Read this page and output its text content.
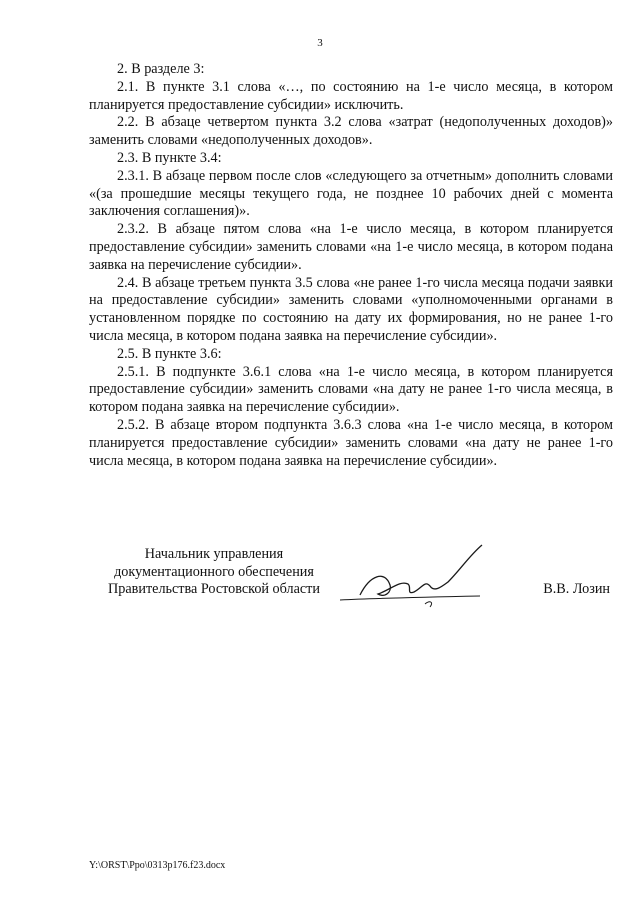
3

2. В разделе 3:

2.1. В пункте 3.1 слова «…, по состоянию на 1-е число месяца, в котором планируется предоставление субсидии» исключить.

2.2. В абзаце четвертом пункта 3.2 слова «затрат (недополученных доходов)» заменить словами «недополученных доходов».

2.3. В пункте 3.4:

2.3.1. В абзаце первом после слов «следующего за отчетным» дополнить словами «(за прошедшие месяцы текущего года, не позднее 10 рабочих дней с момента заключения соглашения)».

2.3.2. В абзаце пятом слова «на 1-е число месяца, в котором планируется предоставление субсидии» заменить словами «на 1-е число месяца, в котором подана заявка на перечисление субсидии».

2.4. В абзаце третьем пункта 3.5 слова «не ранее 1-го числа месяца подачи заявки на предоставление субсидии» заменить словами «уполномоченными органами в установленном порядке по состоянию на дату их формирования, но не ранее 1-го числа месяца, в котором подана заявка на перечисление субсидии».

2.5. В пункте 3.6:

2.5.1. В подпункте 3.6.1 слова «на 1-е число месяца, в котором планируется предоставление субсидии» заменить словами «на дату не ранее 1-го числа месяца, в котором подана заявка на перечисление субсидии».

2.5.2. В абзаце втором подпункта 3.6.3 слова «на 1-е число месяца, в котором планируется предоставление субсидии» заменить словами «на дату не ранее 1-го числа месяца, в котором подана заявка на перечисление субсидии».

Начальник управления
документационного обеспечения
Правительства Ростовской области	В.В. Лозин
Y:\ORST\Ppo\0313p176.f23.docx
